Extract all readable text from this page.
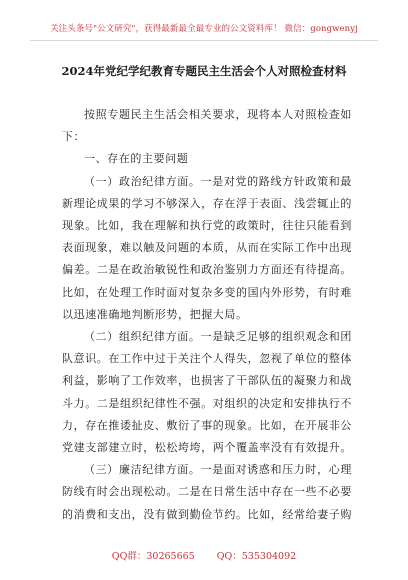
关注头条号"公文研究"，获得最新最全最专业的公文资料库！ 微信：gongwenyj
2024年党纪学纪教育专题民主生活会个人对照检查材料

按照专题民主生活会相关要求，现将本人对照检查如下：

一、存在的主要问题

（一）政治纪律方面。一是对党的路线方针政策和最新理论成果的学习不够深入，存在浮于表面、浅尝辄止的现象。比如，我在理解和执行党的政策时，往往只能看到表面现象，难以触及问题的本质，从而在实际工作中出现偏差。二是在政治敏锐性和政治鉴别力方面还有待提高。比如，在处理工作时面对复杂多变的国内外形势，有时难以迅速准确地判断形势，把握大局。

（二）组织纪律方面。一是缺乏足够的组织观念和团队意识。在工作中过于关注个人得失，忽视了单位的整体利益，影响了工作效率，也损害了干部队伍的凝聚力和战斗力。二是组织纪律性不强。对组织的决定和安排执行不力，存在推诿扯皮、敷衍了事的现象。比如，在开展非公党建支部建立时，松松垮垮，两个覆盖率没有有效提升。

（三）廉洁纪律方面。一是面对诱惑和压力时，心理防线有时会出现松动。二是在日常生活中存在一些不必要的消费和支出，没有做到勤俭节约。比如，经常给妻子购

QQ群：30265665 QQ：535304092
